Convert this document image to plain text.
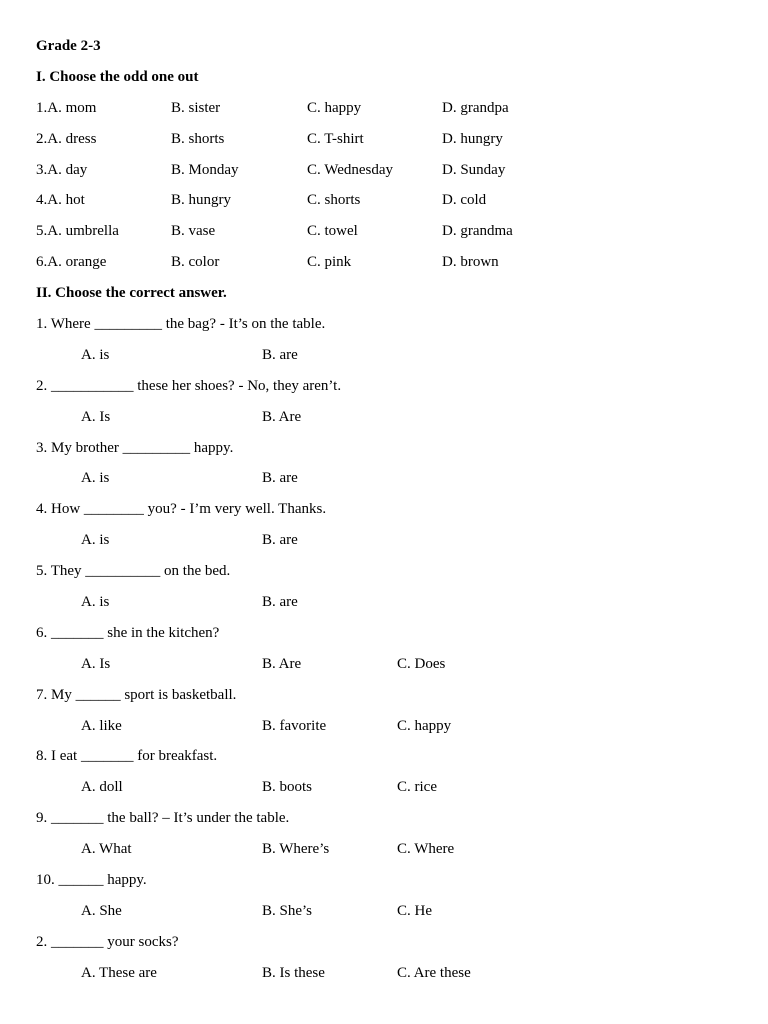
Grade 2-3
I. Choose the odd one out
1.A. mom	B. sister	C. happy	D. grandpa
2.A. dress	B. shorts	C. T-shirt	D. hungry
3.A. day	B. Monday	C. Wednesday	D. Sunday
4.A. hot	B. hungry	C. shorts	D. cold
5.A. umbrella	B. vase	C. towel	D. grandma
6.A. orange	B. color	C. pink	D. brown
II. Choose the correct answer.
1. Where _________ the bag? - It’s on the table.
A. is	B. are
2. ___________ these her shoes? - No, they aren’t.
A. Is	B. Are
3. My brother _________ happy.
A. is	B. are
4. How ________ you? - I’m very well. Thanks.
A. is	B. are
5. They __________ on the bed.
A. is	B. are
6. _______ she in the kitchen?
A. Is	B. Are	C. Does
7. My ______ sport is basketball.
A. like	B. favorite	C. happy
8. I eat _______ for breakfast.
A. doll	B. boots	C. rice
9. _______ the ball? – It’s under the table.
A. What	B. Where’s	C. Where
10. ______ happy.
A. She	B. She’s	C. He
2. _______ your socks?
A. These are	B. Is these	C. Are these
